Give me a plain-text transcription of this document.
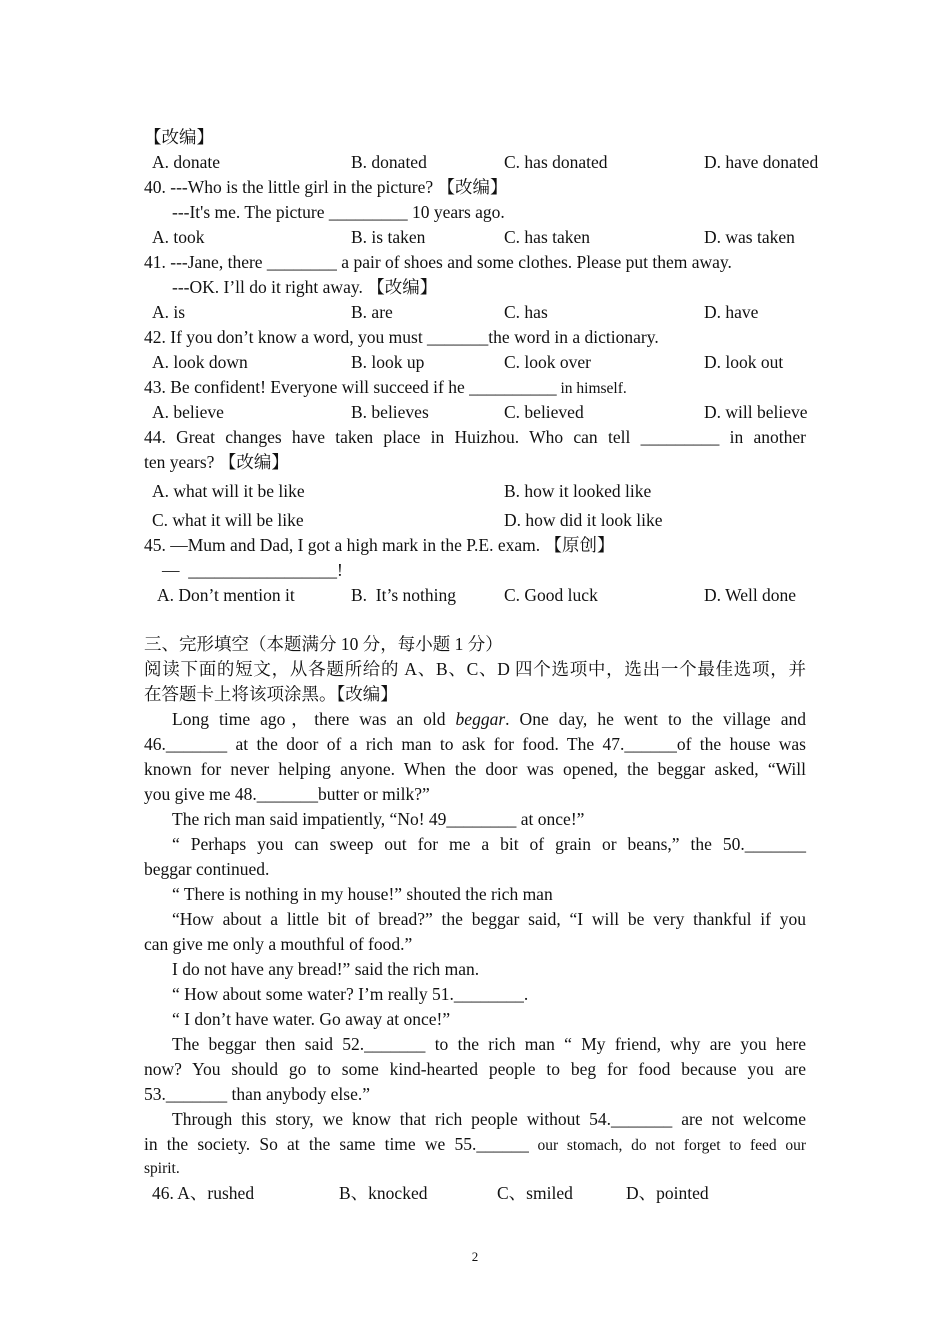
【改编】
A. donate	B. donated	C. has donated	D. have donated
40. ---Who is the little girl in the picture? 【改编】
---It's me. The picture _________ 10 years ago.
A. took	B. is taken	C. has taken	D. was taken
41. ---Jane, there ________ a pair of shoes and some clothes. Please put them away.
---OK. I’ll do it right away. 【改编】
A. is	B. are	C. has	D. have
42. If you don’t know a word, you must _______the word in a dictionary.
A. look down	B. look up	C. look over	D. look out
43. Be confident! Everyone will succeed if he __________ in himself.
A. believe	B. believes	C. believed	D. will believe
44. Great changes have taken place in Huizhou. Who can tell _________ in another
ten years? 【改编】
A. what will it be like	B. how it looked like
C. what it will be like	D. how did it look like
45. —Mum and Dad, I got a high mark in the P.E. exam. 【原创】
—  _________________!
A. Don’t mention it	B.  It’s nothing	C. Good luck	D. Well done
三、完形填空（本题满分 10 分，每小题 1 分）
阅读下面的短文，从各题所给的 A、B、C、D 四个选项中，选出一个最佳选项，并
在答题卡上将该项涂黑。【改编】
Long time ago，there was an old beggar. One day, he went to the village and
46._______ at the door of a rich man to ask for food. The 47.______of the house was
known for never helping anyone. When the door was opened, the beggar asked, “Will
you give me 48._______butter or milk?”
The rich man said impatiently, “No! 49________ at once!”
“ Perhaps you can sweep out for me a bit of grain or beans,” the 50._______
beggar continued.
“ There is nothing in my house!” shouted the rich man
“How about a little bit of bread?” the beggar said, “I will be very thankful if you
can give me only a mouthful of food.”
I do not have any bread!” said the rich man.
“ How about some water? I’m really 51.________.
“ I don’t have water. Go away at once!”
The beggar then said 52._______ to the rich man “ My friend, why are you here
now? You should go to some kind-hearted people to beg for food because you are
53._______ than anybody else.”
Through this story, we know that rich people without 54._______ are not welcome
in the society. So at the same time we 55.______ our stomach, do not forget to feed our
spirit.
46. A、rushed	B、knocked	C、smiled	D、pointed
2
